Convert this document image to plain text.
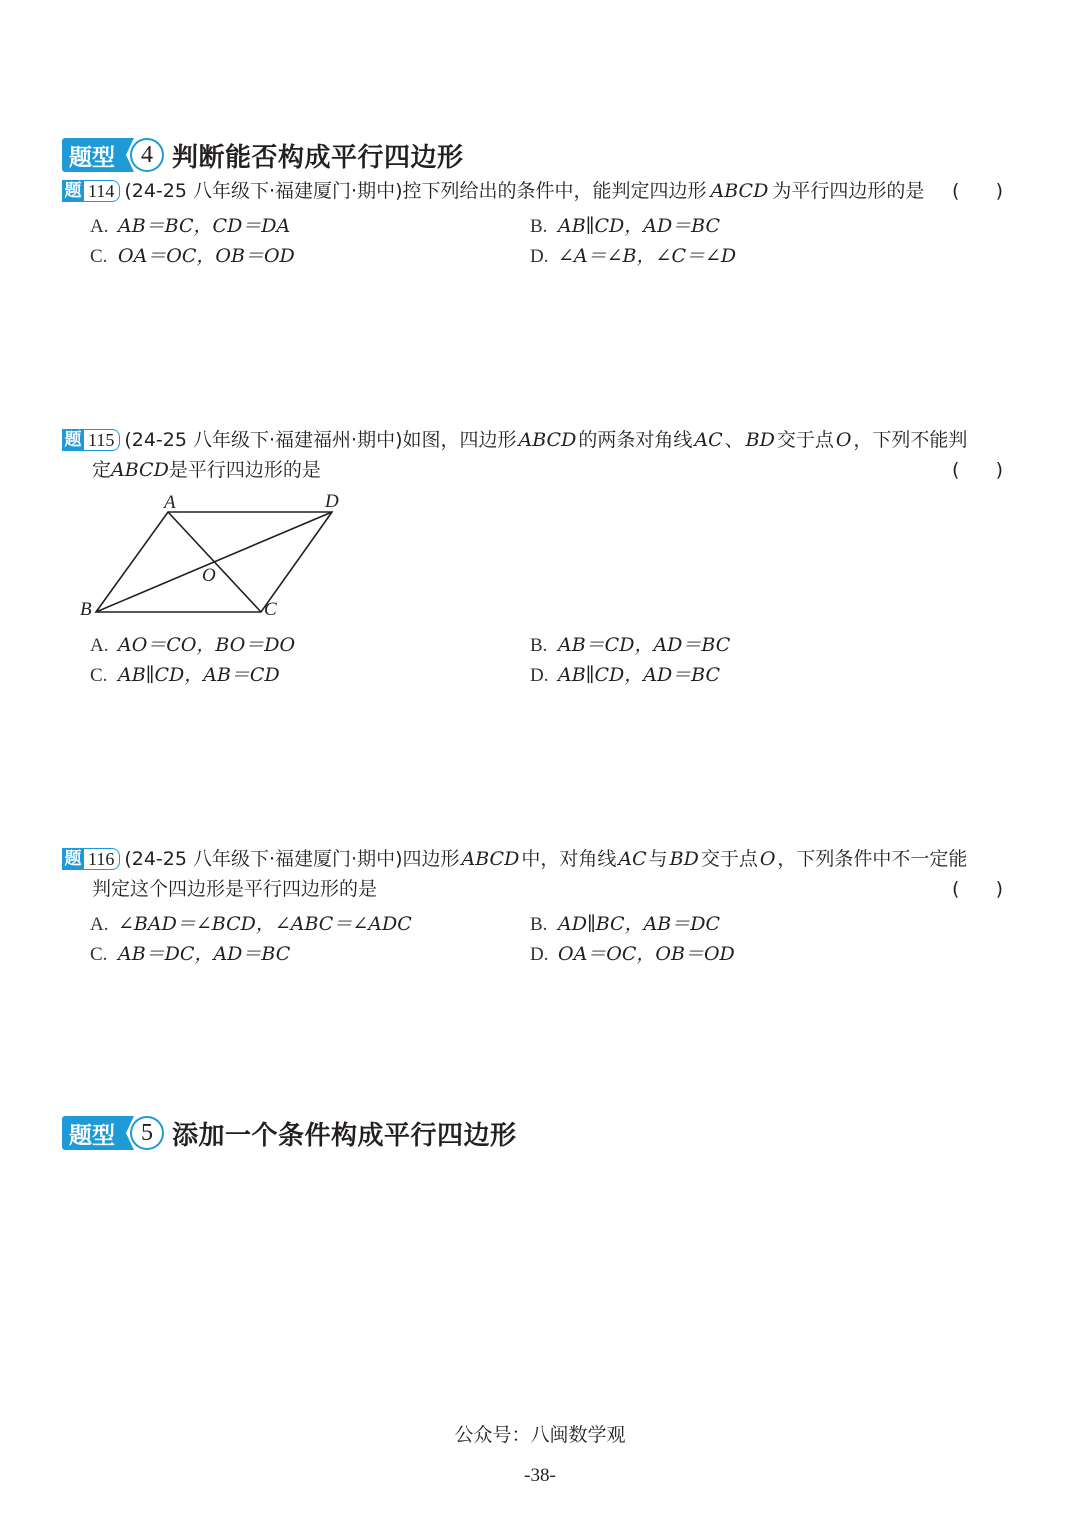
题型	4 判断能否构成平行四边形
题 114 (24-25 八年级下·福建厦门·期中) 控下列给出的条件中，能判定四边形 ABCD 为平行四边形的是 (      )
A. AB＝BC，CD＝DA	B. AB∥CD，AD＝BC
C. OA＝OC，OB＝OD	D. ∠A＝∠B，∠C＝∠D
题 115 (24-25 八年级下·福建福州·期中) 如图，四边形 ABCD 的两条对角线 AC 、 BD 交于点 O ，下列不能判
定ABCD是平行四边形的是	(      )
A	D
O
B	C
A. AO＝CO，BO＝DO	B. AB＝CD，AD＝BC
C. AB∥CD，AB＝CD	D. AB∥CD，AD＝BC
题 116 (24-25 八年级下·福建厦门·期中) 四边形 ABCD 中，对角线 AC 与 BD 交于点 O ，下列条件中不一定能
判定这个四边形是平行四边形的是	(      )
A. ∠BAD＝∠BCD，∠ABC＝∠ADC	B. AD∥BC，AB＝DC
C. AB＝DC，AD＝BC	D. OA＝OC，OB＝OD
题型	5 添加一个条件构成平行四边形
公众号：八闽数学观
-38-
